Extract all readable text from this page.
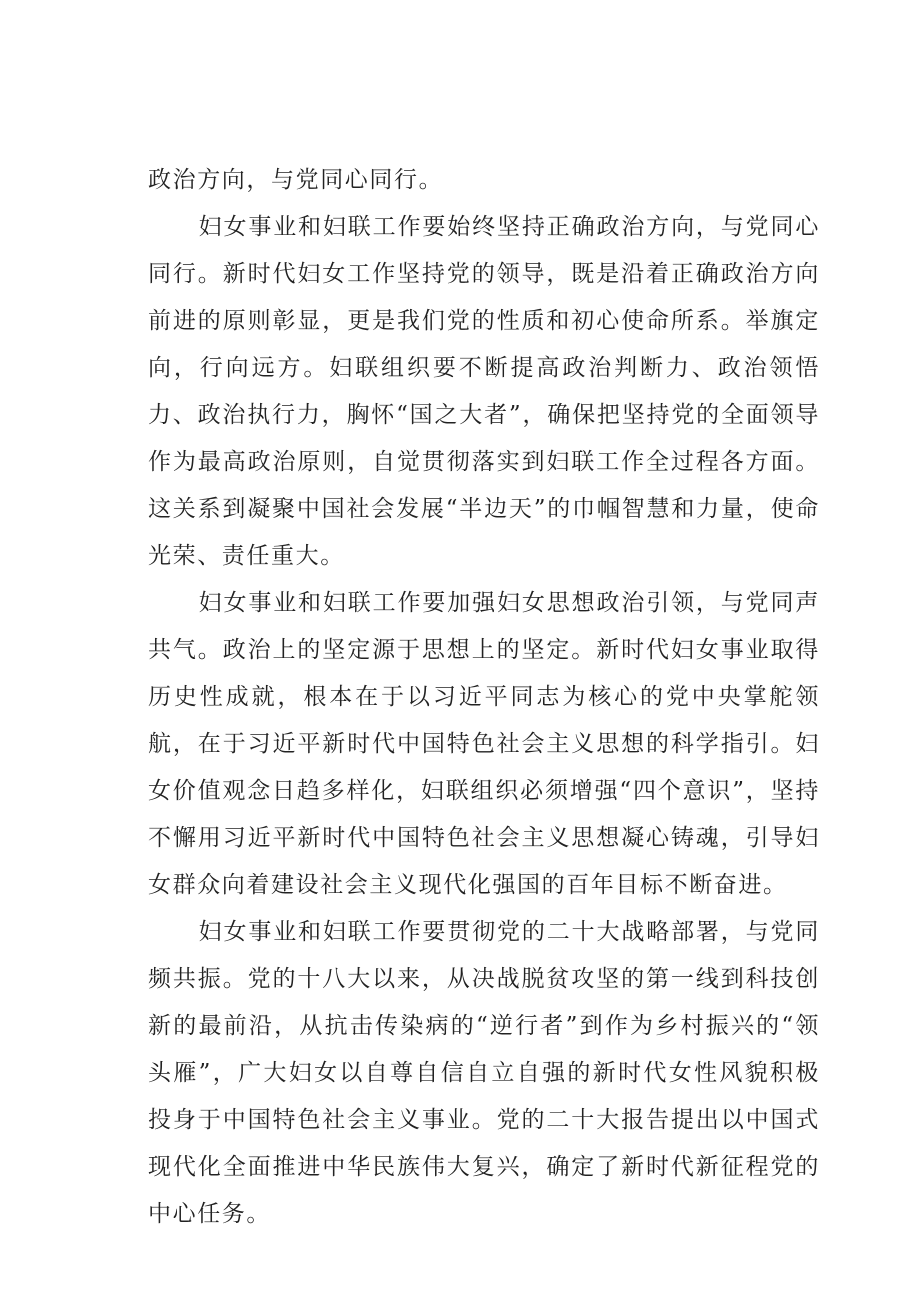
政治方向，与党同心同行。

妇女事业和妇联工作要始终坚持正确政治方向，与党同心同行。新时代妇女工作坚持党的领导，既是沿着正确政治方向前进的原则彰显，更是我们党的性质和初心使命所系。举旗定向，行向远方。妇联组织要不断提高政治判断力、政治领悟力、政治执行力，胸怀“国之大者”，确保把坚持党的全面领导作为最高政治原则，自觉贯彻落实到妇联工作全过程各方面。这关系到凝聚中国社会发展“半边天”的巾帼智慧和力量，使命光荣、责任重大。

妇女事业和妇联工作要加强妇女思想政治引领，与党同声共气。政治上的坚定源于思想上的坚定。新时代妇女事业取得历史性成就，根本在于以习近平同志为核心的党中央掌舵领航，在于习近平新时代中国特色社会主义思想的科学指引。妇女价值观念日趋多样化，妇联组织必须增强“四个意识”，坚持不懈用习近平新时代中国特色社会主义思想凝心铸魂，引导妇女群众向着建设社会主义现代化强国的百年目标不断奋进。

妇女事业和妇联工作要贯彻党的二十大战略部署，与党同频共振。党的十八大以来，从决战脱贫攻坚的第一线到科技创新的最前沿，从抗击传染病的“逆行者”到作为乡村振兴的“领头雁”，广大妇女以自尊自信自立自强的新时代女性风貌积极投身于中国特色社会主义事业。党的二十大报告提出以中国式现代化全面推进中华民族伟大复兴，确定了新时代新征程党的中心任务。
